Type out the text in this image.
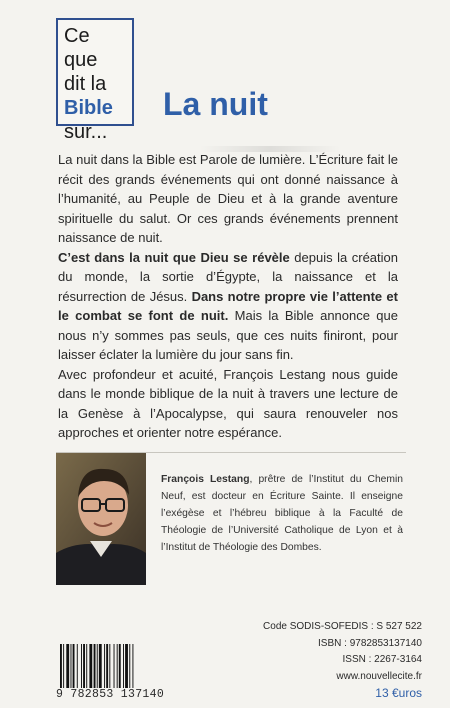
Ce que
dit la
Bible
sur...
La nuit

La nuit dans la Bible est Parole de lumière. L’Écriture fait le récit des grands événements qui ont donné naissance à l’humanité, au Peuple de Dieu et à la grande aventure spirituelle du salut. Or ces grands événements prennent naissance de nuit.

C’est dans la nuit que Dieu se révèle depuis la création du monde, la sortie d’Égypte, la naissance et la résurrection de Jésus. Dans notre propre vie l’attente et le combat se font de nuit. Mais la Bible annonce que nous n’y sommes pas seuls, que ces nuits finiront, pour laisser éclater la lumière du jour sans fin.

Avec profondeur et acuité, François Lestang nous guide dans le monde biblique de la nuit à travers une lecture de la Genèse à l’Apocalypse, qui saura renouveler nos approches et orienter notre espérance.

François Lestang, prêtre de l’Institut du Chemin Neuf, est docteur en Écriture Sainte. Il enseigne l’exégèse et l’hébreu biblique à la Faculté de Théologie de l’Université Catholique de Lyon et à l’Institut de Théologie des Dombes.
9 782853 137140
Code SODIS-SOFEDIS : S 527 522
ISBN : 9782853137140
ISSN : 2267-3164
www.nouvellecite.fr
13 €uros
